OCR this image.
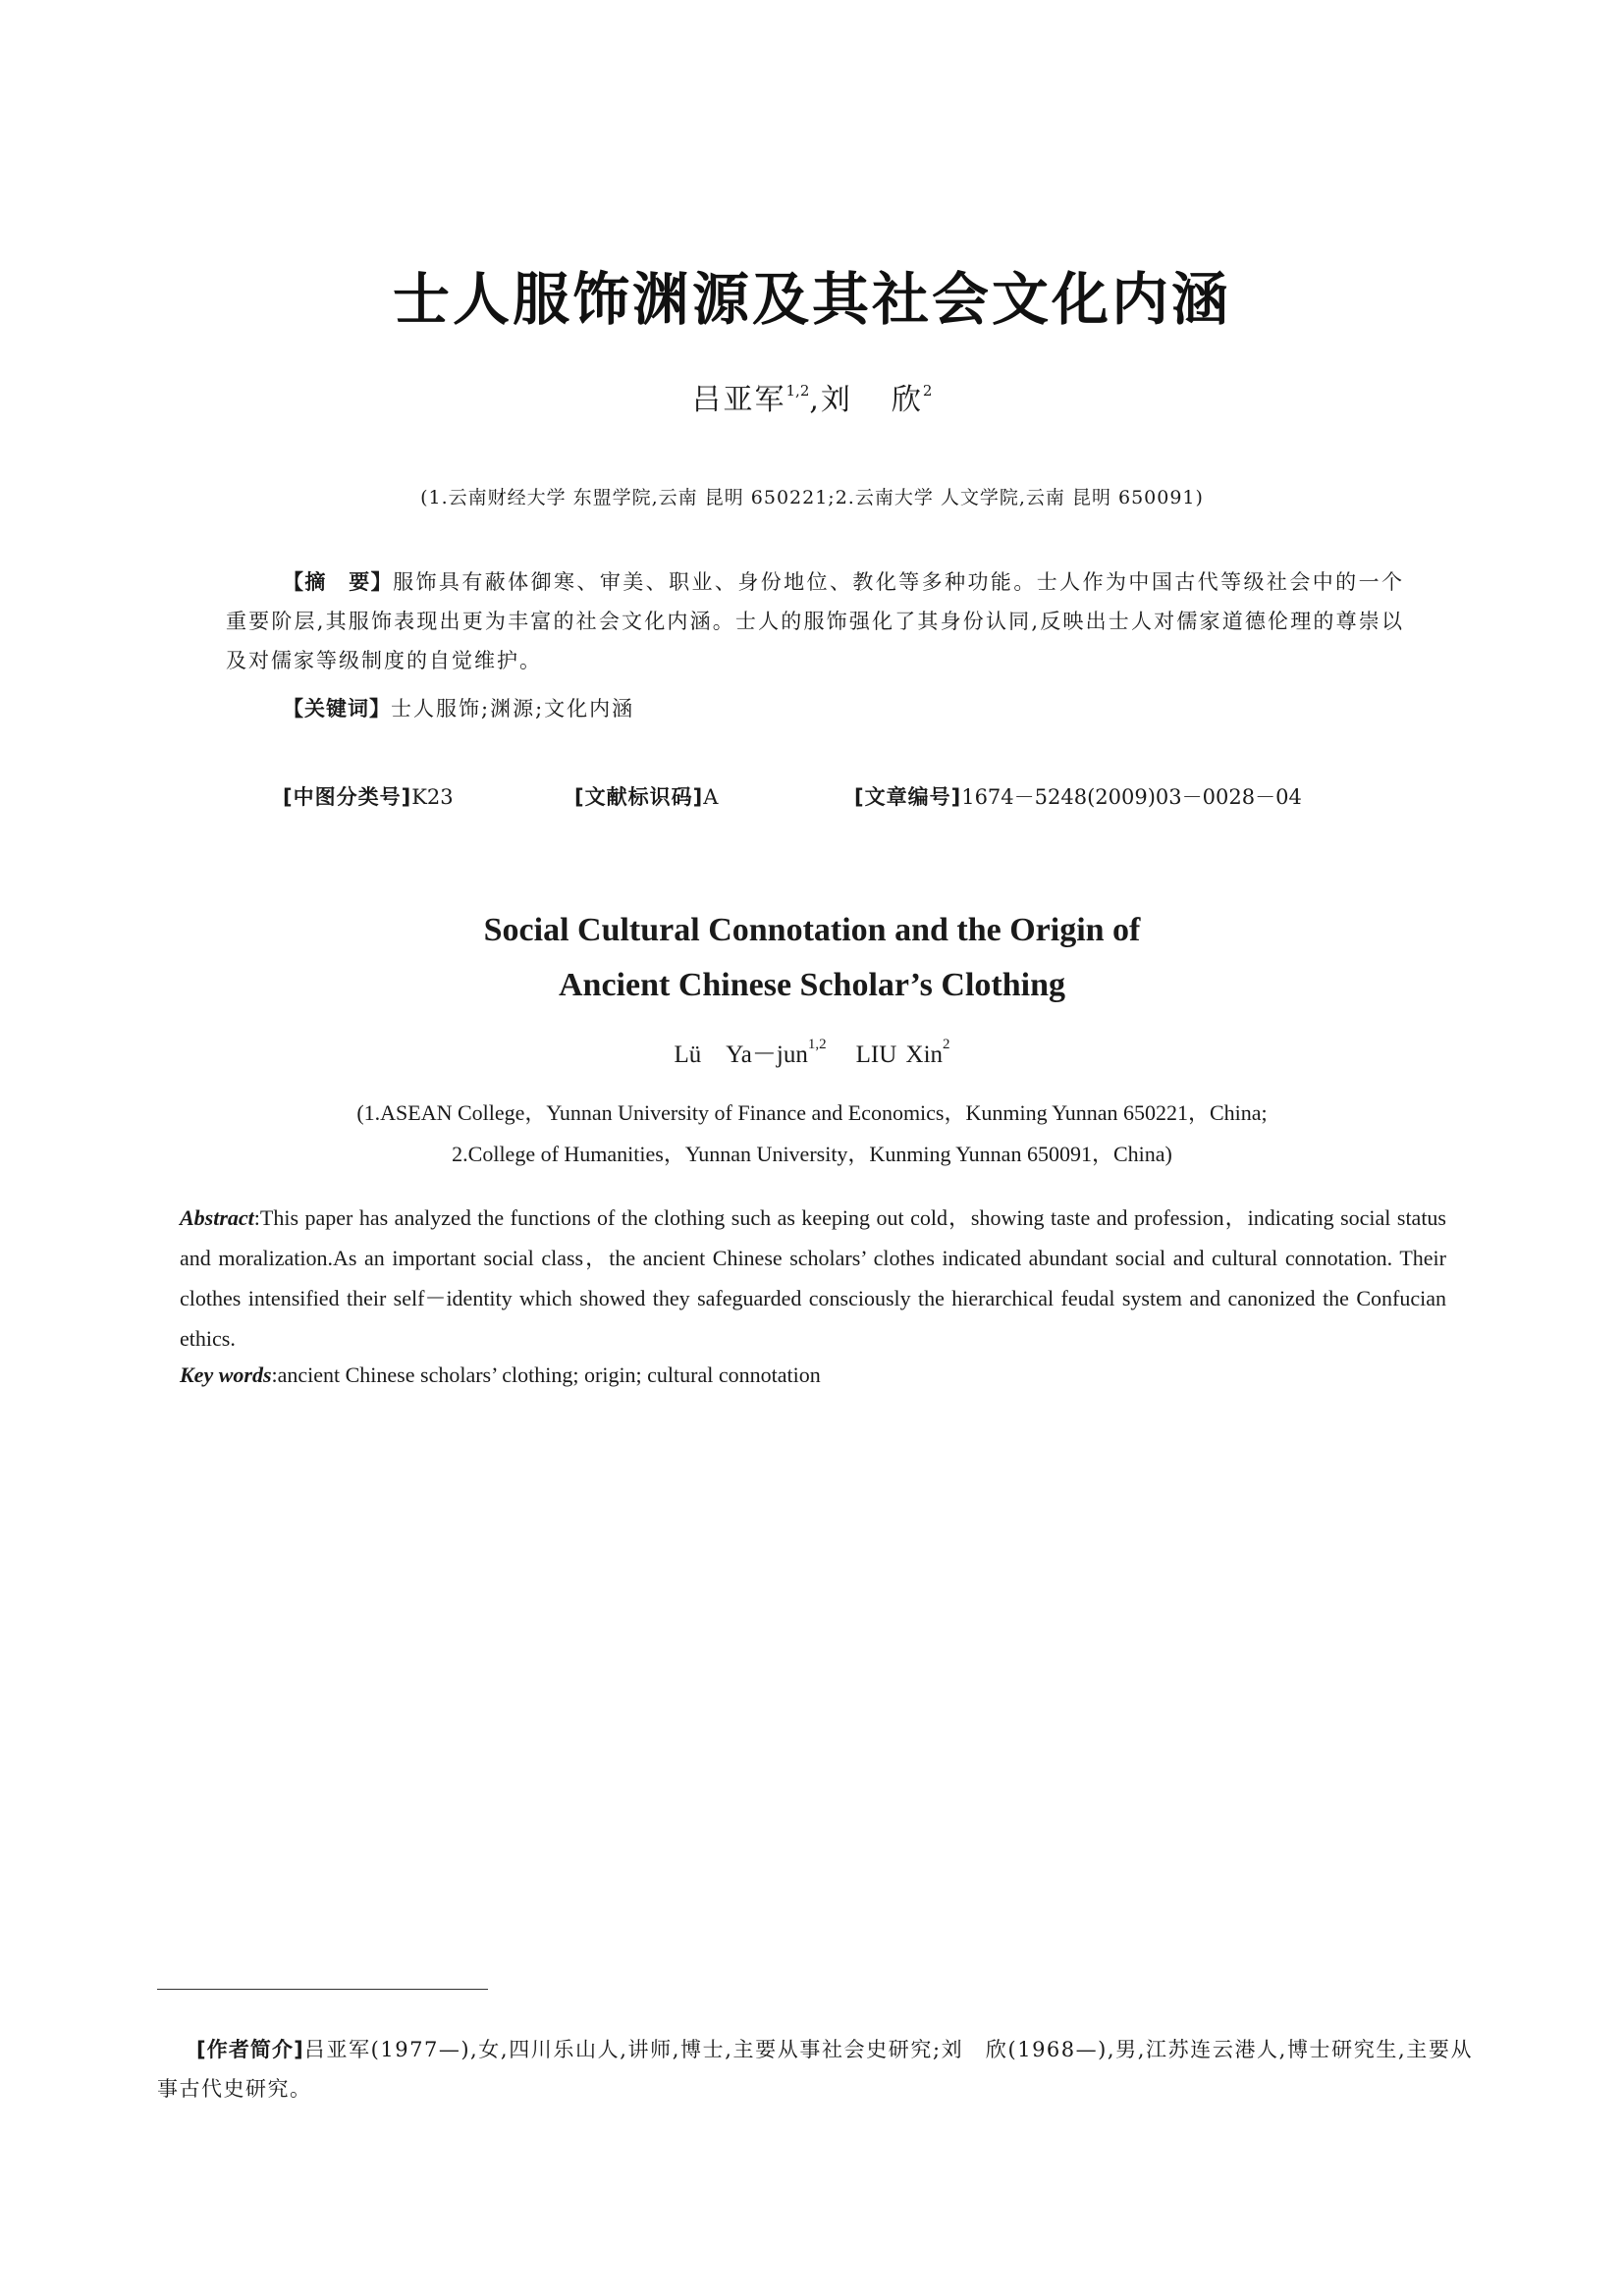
士人服饰渊源及其社会文化内涵
吕亚军$^{1,2}$,刘 欣$^2$
(1.云南财经大学 东盟学院,云南 昆明 650221;2.云南大学 人文学院,云南 昆明 650091)
【摘　要】服饰具有蔽体御寒、审美、职业、身份地位、教化等多种功能。士人作为中国古代等级社会中的一个重要阶层,其服饰表现出更为丰富的社会文化内涵。士人的服饰强化了其身份认同,反映出士人对儒家道德伦理的尊崇以及对儒家等级制度的自觉维护。
【关键词】士人服饰;渊源;文化内涵
[中图分类号]K23	[文献标识码]A	[文章编号]1674－5248(2009)03－0028－04
Social Cultural Connotation and the Origin of
Ancient Chinese Scholar’s Clothing
Lü　Ya－jun$^{1,2}$ LIU Xin$^2$
(1.ASEAN College，Yunnan University of Finance and Economics，Kunming Yunnan 650221，China;
2.College of Humanities，Yunnan University，Kunming Yunnan 650091，China)
Abstract:This paper has analyzed the functions of the clothing such as keeping out cold，showing taste and profession，indicating social status and moralization.As an important social class，the ancient Chinese scholars’ clothes indicated abundant social and cultural connotation. Their clothes intensified their self－identity which showed they safeguarded consciously the hierarchical feudal system and canonized the Confucian ethics.
Key words:ancient Chinese scholars’ clothing; origin; cultural connotation
[作者简介]吕亚军(1977—),女,四川乐山人,讲师,博士,主要从事社会史研究;刘　欣(1968—),男,江苏连云港人,博士研究生,主要从事古代史研究。
